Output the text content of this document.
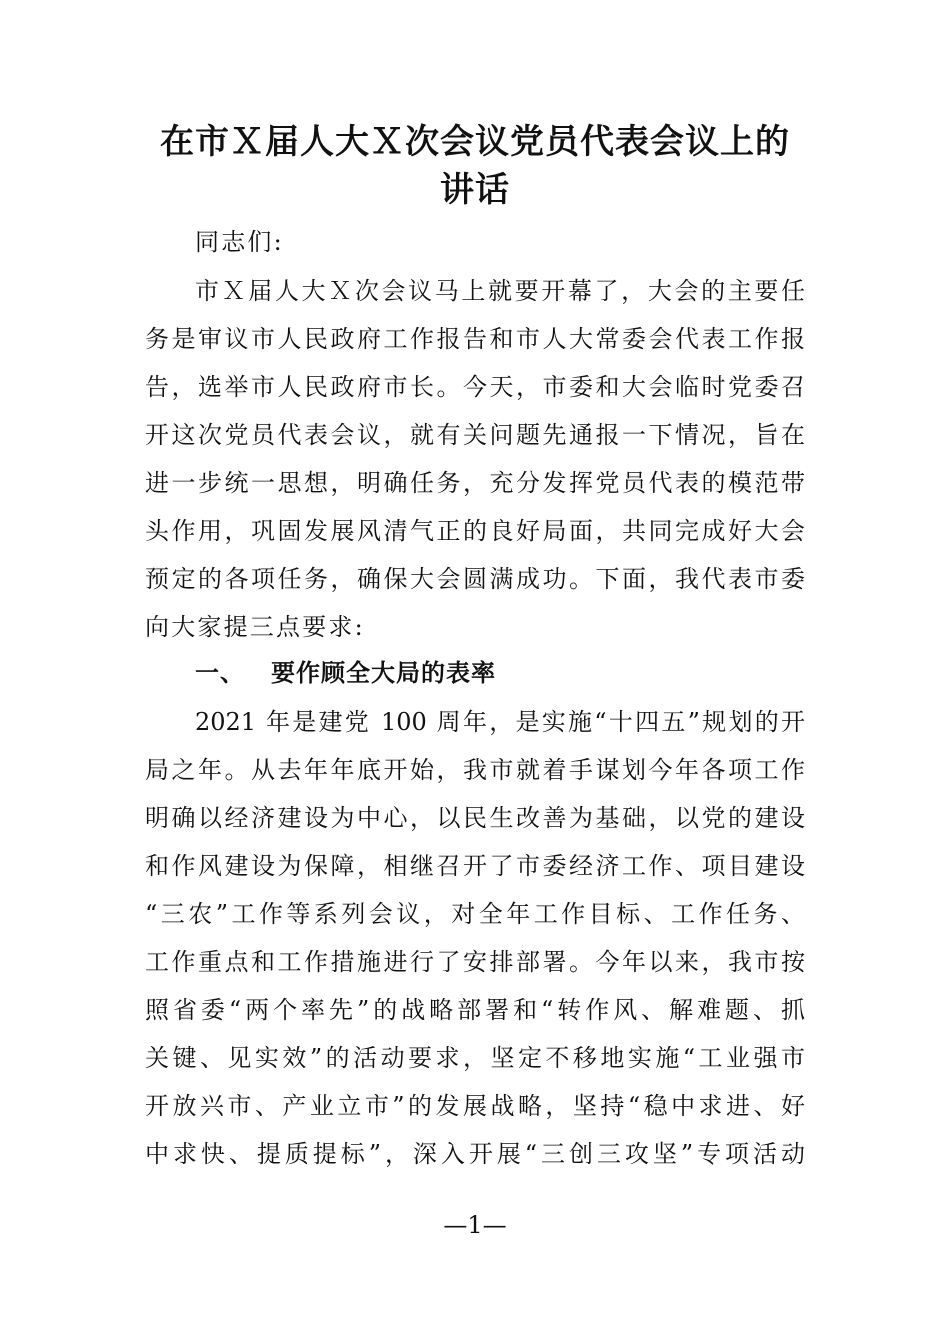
在市Ｘ届人大Ｘ次会议党员代表会议上的
讲话
同志们:
市Ｘ届人大Ｘ次会议马上就要开幕了，大会的主要任
务是审议市人民政府工作报告和市人大常委会代表工作报
告，选举市人民政府市长。今天，市委和大会临时党委召
开这次党员代表会议，就有关问题先通报一下情况，旨在
进一步统一思想，明确任务，充分发挥党员代表的模范带
头作用，巩固发展风清气正的良好局面，共同完成好大会
预定的各项任务，确保大会圆满成功。下面，我代表市委
向大家提三点要求:
一、 要作顾全大局的表率
2021 年是建党 100 周年，是实施“十四五”规划的开
局之年。从去年年底开始，我市就着手谋划今年各项工作
明确以经济建设为中心，以民生改善为基础，以党的建设
和作风建设为保障，相继召开了市委经济工作、项目建设
“三农”工作等系列会议，对全年工作目标、工作任务、
工作重点和工作措施进行了安排部署。今年以来，我市按
照省委“两个率先”的战略部署和“转作风、解难题、抓
关键、见实效”的活动要求，坚定不移地实施“工业强市
开放兴市、产业立市”的发展战略，坚持“稳中求进、好
中求快、提质提标”，深入开展“三创三攻坚”专项活动
—1—
